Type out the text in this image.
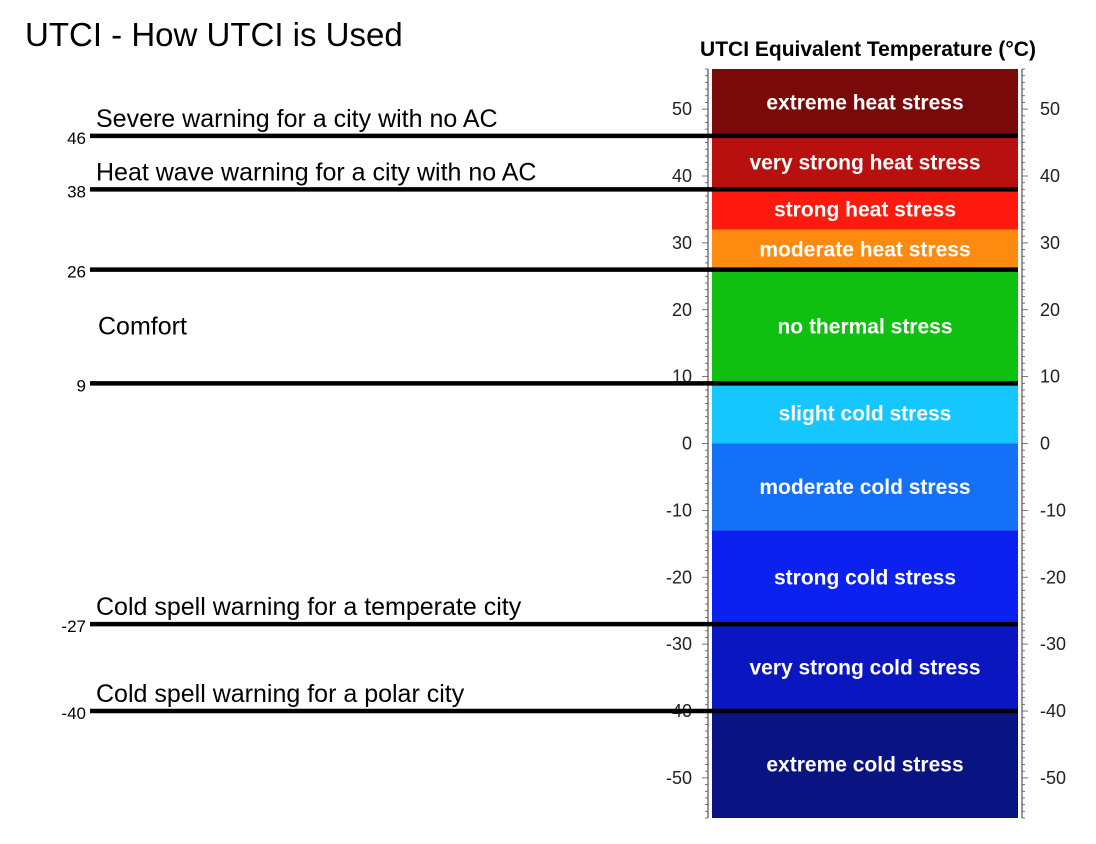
UTCI - How UTCI is Used	UTCI Equivalent Temperature (°C)
extreme heat stress
very strong heat stress
strong heat stress
moderate heat stress
no thermal stress
slight cold stress
moderate cold stress
strong cold stress
very strong cold stress
extreme cold stress
50	50
40	40
30	30
20	20
10	10
0	0
-10	-10
-20	-20
-30	-30
-40	-40
-50	-50
46
Severe warning for a city with no AC
38
Heat wave warning for a city with no AC
26
9
-27
Cold spell warning for a temperate city
-40
Cold spell warning for a polar city
Comfort
